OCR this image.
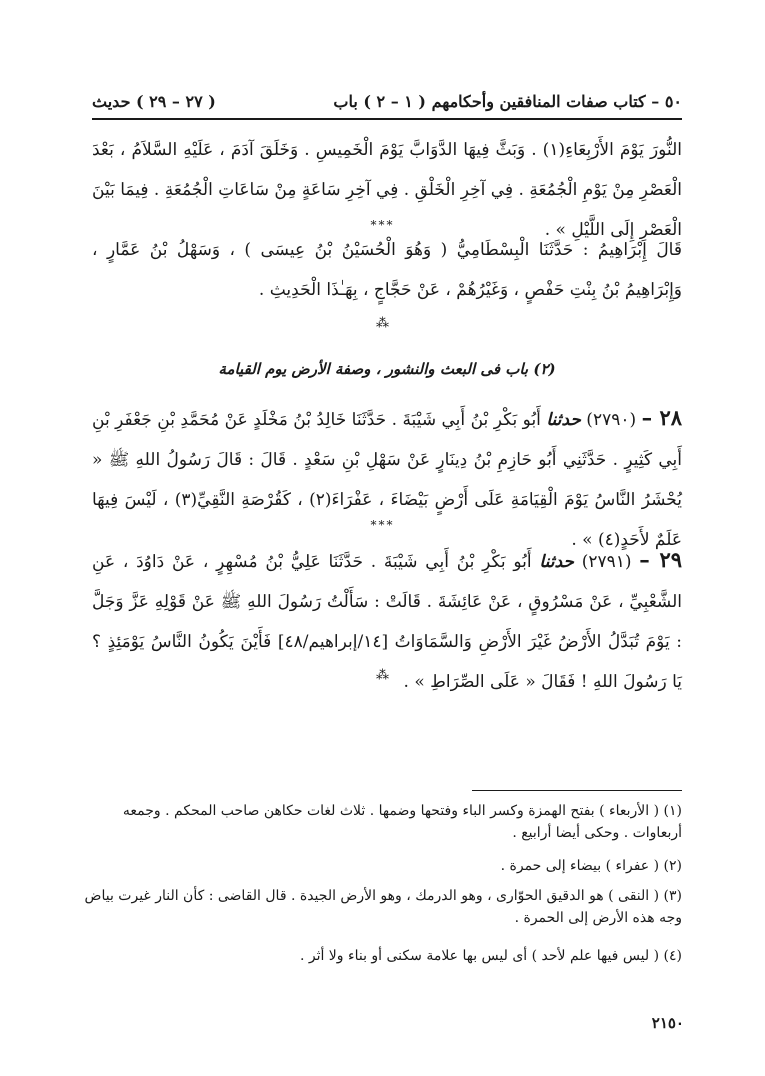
٥٠ – كتاب صفات المنافقين وأحكامهم ( ١ – ٢ ) باب
( ٢٧ – ٢٩ ) حديث
النُّورَ يَوْمَ الأَرْبِعَاءِ(١) . وَبَثَّ فِيهَا الدَّوَابَّ يَوْمَ الْخَمِيسِ . وَخَلَقَ آدَمَ ، عَلَيْهِ السَّلاَمُ ، بَعْدَ الْعَصْرِ مِنْ يَوْمِ الْجُمُعَةِ . فِي آخِرِ الْخَلْقِ . فِي آخِرِ سَاعَةٍ مِنْ سَاعَاتِ الْجُمُعَةِ . فِيمَا بَيْنَ الْعَصْرِ إِلَى اللَّيْلِ » .
***
قَالَ إِبْرَاهِيمُ : حَدَّثَنَا الْبِسْطَامِيُّ ( وَهُوَ الْحُسَيْنُ بْنُ عِيسَى ) ، وَسَهْلُ بْنُ عَمَّارٍ ، وَإِبْرَاهِيمُ بْنُ بِنْتِ حَفْصٍ ، وَغَيْرُهُمْ ، عَنْ حَجَّاجٍ ، بِهَـٰذَا الْحَدِيثِ .
⁂
(٢) باب فى البعث والنشور ، وصفة الأرض يوم القيامة
٢٨ – (٢٧٩٠) حدثنا أَبُو بَكْرِ بْنُ أَبِي شَيْبَةَ . حَدَّثَنَا خَالِدُ بْنُ مَخْلَدٍ عَنْ مُحَمَّدِ بْنِ جَعْفَرِ بْنِ أَبِي كَثِيرٍ . حَدَّثَنِي أَبُو حَازِمِ بْنُ دِينَارٍ عَنْ سَهْلِ بْنِ سَعْدٍ . قَالَ : قَالَ رَسُولُ اللهِ ﷺ « يُحْشَرُ النَّاسُ يَوْمَ الْقِيَامَةِ عَلَى أَرْضٍ بَيْضَاءَ ، عَفْرَاءَ(٢) ، كَقُرْصَةِ النَّقِيِّ(٣) ، لَيْسَ فِيهَا عَلَمٌ لأَحَدٍ(٤) » .
***
٢٩ – (٢٧٩١) حدثنا أَبُو بَكْرِ بْنُ أَبِي شَيْبَةَ . حَدَّثَنَا عَلِيُّ بْنُ مُسْهِرٍ ، عَنْ دَاوُدَ ، عَنِ الشَّعْبِيِّ ، عَنْ مَسْرُوقٍ ، عَنْ عَائِشَةَ . قَالَتْ : سَأَلْتُ رَسُولَ اللهِ ﷺ عَنْ قَوْلِهِ عَزَّ وَجَلَّ : يَوْمَ تُبَدَّلُ الأَرْضُ غَيْرَ الأَرْضِ وَالسَّمَاوَاتُ [١٤/إبراهيم/٤٨] فَأَيْنَ يَكُونُ النَّاسُ يَوْمَئِذٍ ؟ يَا رَسُولَ اللهِ ! فَقَالَ « عَلَى الصِّرَاطِ » .
⁂
(١) ( الأربعاء ) بفتح الهمزة وكسر الباء وفتحها وضمها . ثلاث لغات حكاهن صاحب المحكم . وجمعه أربعاوات . وحكى أيضا أرابيع .
(٢) ( عفراء ) بيضاء إلى حمرة .
(٣) ( النقى ) هو الدقيق الحوّارى ، وهو الدرمك ، وهو الأرض الجيدة . قال القاضى : كأن النار غيرت بياض وجه هذه الأرض إلى الحمرة .
(٤) ( ليس فيها علم لأحد ) أى ليس بها علامة سكنى أو بناء ولا أثر .
٢١٥٠
